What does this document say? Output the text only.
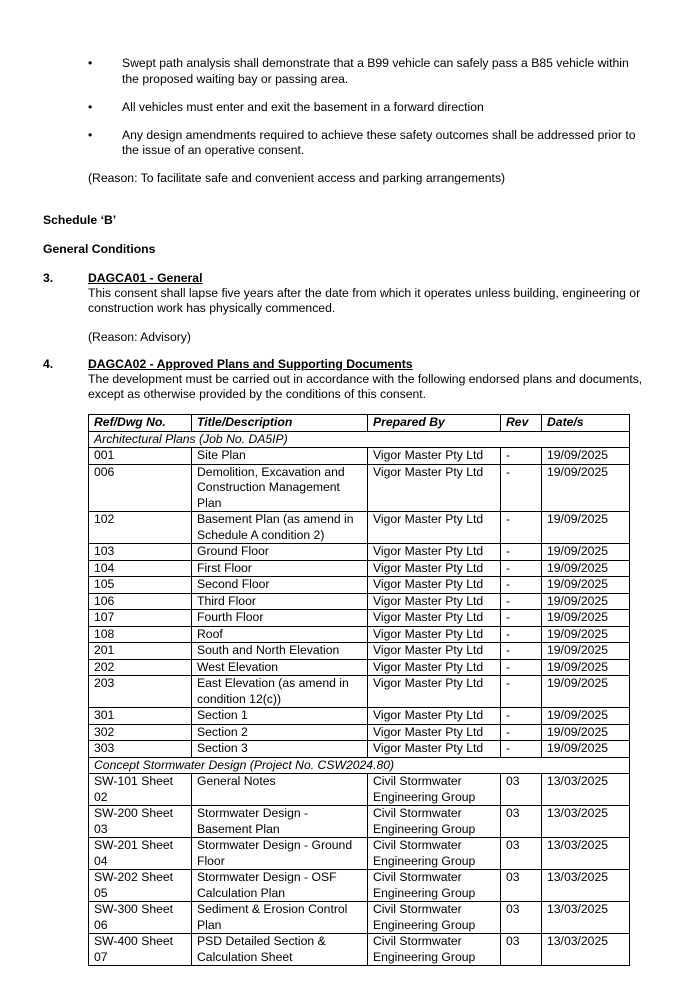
• Swept path analysis shall demonstrate that a B99 vehicle can safely pass a B85 vehicle within the proposed waiting bay or passing area.
• All vehicles must enter and exit the basement in a forward direction
• Any design amendments required to achieve these safety outcomes shall be addressed prior to the issue of an operative consent.
(Reason: To facilitate safe and convenient access and parking arrangements)
Schedule ‘B’
General Conditions
3.	DAGCA01 - General
This consent shall lapse five years after the date from which it operates unless building, engineering or construction work has physically commenced.
(Reason: Advisory)
4.	DAGCA02 - Approved Plans and Supporting Documents
The development must be carried out in accordance with the following endorsed plans and documents, except as otherwise provided by the conditions of this consent.
Ref/Dwg No.	Title/Description	Prepared By	Rev	Date/s
Architectural Plans (Job No. DA5IP)				
001	Site Plan	Vigor Master Pty Ltd	-	19/09/2025
006	Demolition, Excavation and Construction Management Plan	Vigor Master Pty Ltd	-	19/09/2025
102	Basement Plan (as amend in Schedule A condition 2)	Vigor Master Pty Ltd	-	19/09/2025
103	Ground Floor	Vigor Master Pty Ltd	-	19/09/2025
104	First Floor	Vigor Master Pty Ltd	-	19/09/2025
105	Second Floor	Vigor Master Pty Ltd	-	19/09/2025
106	Third Floor	Vigor Master Pty Ltd	-	19/09/2025
107	Fourth Floor	Vigor Master Pty Ltd	-	19/09/2025
108	Roof	Vigor Master Pty Ltd	-	19/09/2025
201	South and North Elevation	Vigor Master Pty Ltd	-	19/09/2025
202	West Elevation	Vigor Master Pty Ltd	-	19/09/2025
203	East Elevation (as amend in condition 12(c))	Vigor Master Pty Ltd	-	19/09/2025
301	Section 1	Vigor Master Pty Ltd	-	19/09/2025
302	Section 2	Vigor Master Pty Ltd	-	19/09/2025
303	Section 3	Vigor Master Pty Ltd	-	19/09/2025
Concept Stormwater Design (Project No. CSW2024.80)				
SW-101 Sheet 02	General Notes	Civil Stormwater Engineering Group	03	13/03/2025
SW-200 Sheet 03	Stormwater Design - Basement Plan	Civil Stormwater Engineering Group	03	13/03/2025
SW-201 Sheet 04	Stormwater Design - Ground Floor	Civil Stormwater Engineering Group	03	13/03/2025
SW-202 Sheet 05	Stormwater Design - OSF Calculation Plan	Civil Stormwater Engineering Group	03	13/03/2025
SW-300 Sheet 06	Sediment & Erosion Control Plan	Civil Stormwater Engineering Group	03	13/03/2025
SW-400 Sheet 07	PSD Detailed Section & Calculation Sheet	Civil Stormwater Engineering Group	03	13/03/2025
